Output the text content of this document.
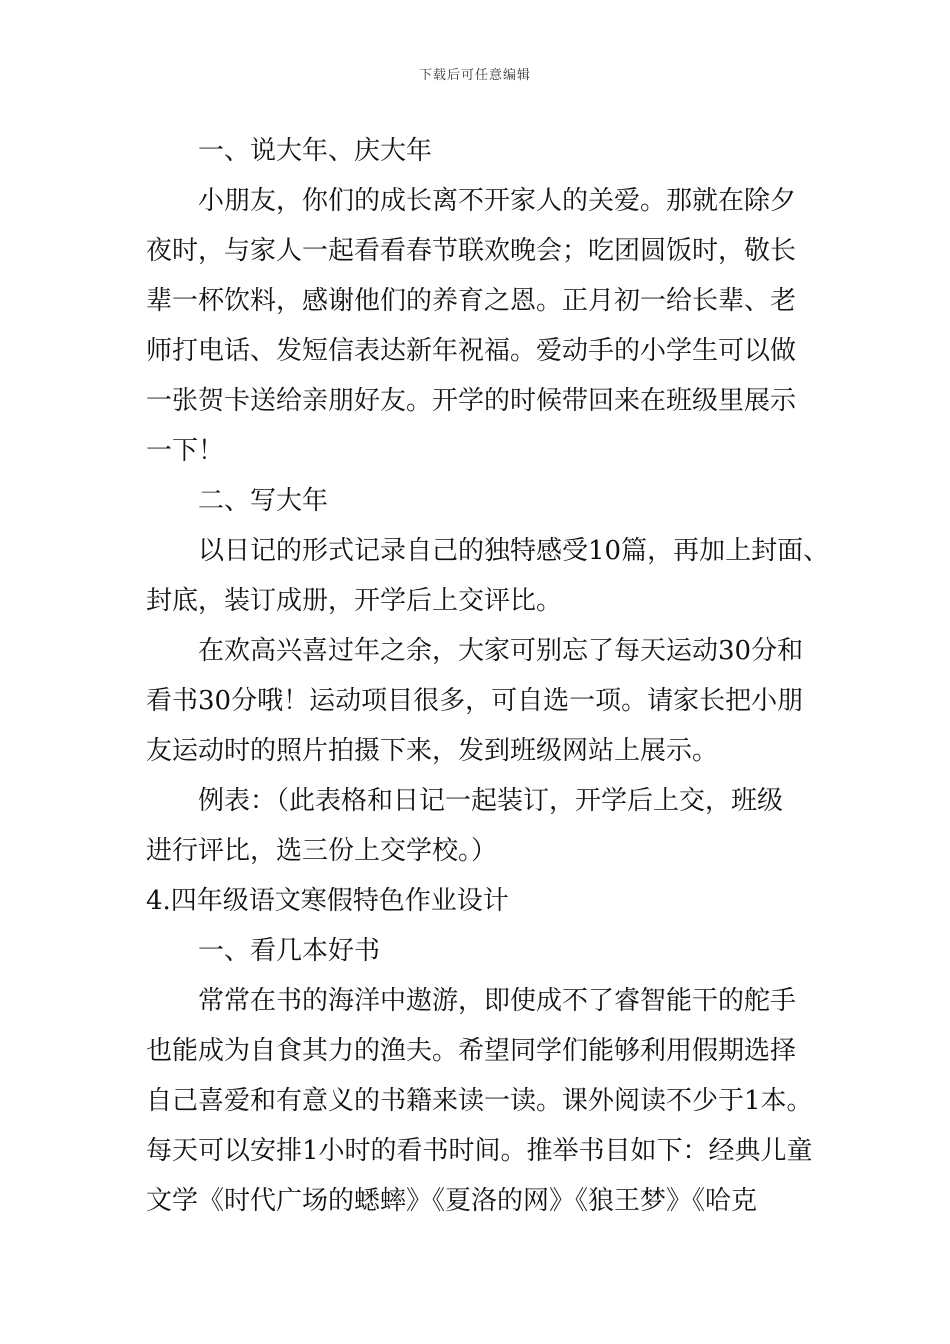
下载后可任意编辑
一、说大年、庆大年
小朋友，你们的成长离不开家人的关爱。那就在除夕
夜时，与家人一起看看春节联欢晚会；吃团圆饭时，敬长
辈一杯饮料，感谢他们的养育之恩。正月初一给长辈、老
师打电话、发短信表达新年祝福。爱动手的小学生可以做
一张贺卡送给亲朋好友。开学的时候带回来在班级里展示
一下！
二、写大年
以日记的形式记录自己的独特感受10篇，再加上封面、
封底，装订成册，开学后上交评比。
在欢高兴喜过年之余，大家可别忘了每天运动30分和
看书30分哦！运动项目很多，可自选一项。请家长把小朋
友运动时的照片拍摄下来，发到班级网站上展示。
例表：（此表格和日记一起装订，开学后上交，班级
进行评比，选三份上交学校。）
4.四年级语文寒假特色作业设计
一、看几本好书
常常在书的海洋中遨游，即使成不了睿智能干的舵手
也能成为自食其力的渔夫。希望同学们能够利用假期选择
自己喜爱和有意义的书籍来读一读。课外阅读不少于1本。
每天可以安排1小时的看书时间。推举书目如下：经典儿童
文学《时代广场的蟋蟀》《夏洛的网》《狼王梦》《哈克
